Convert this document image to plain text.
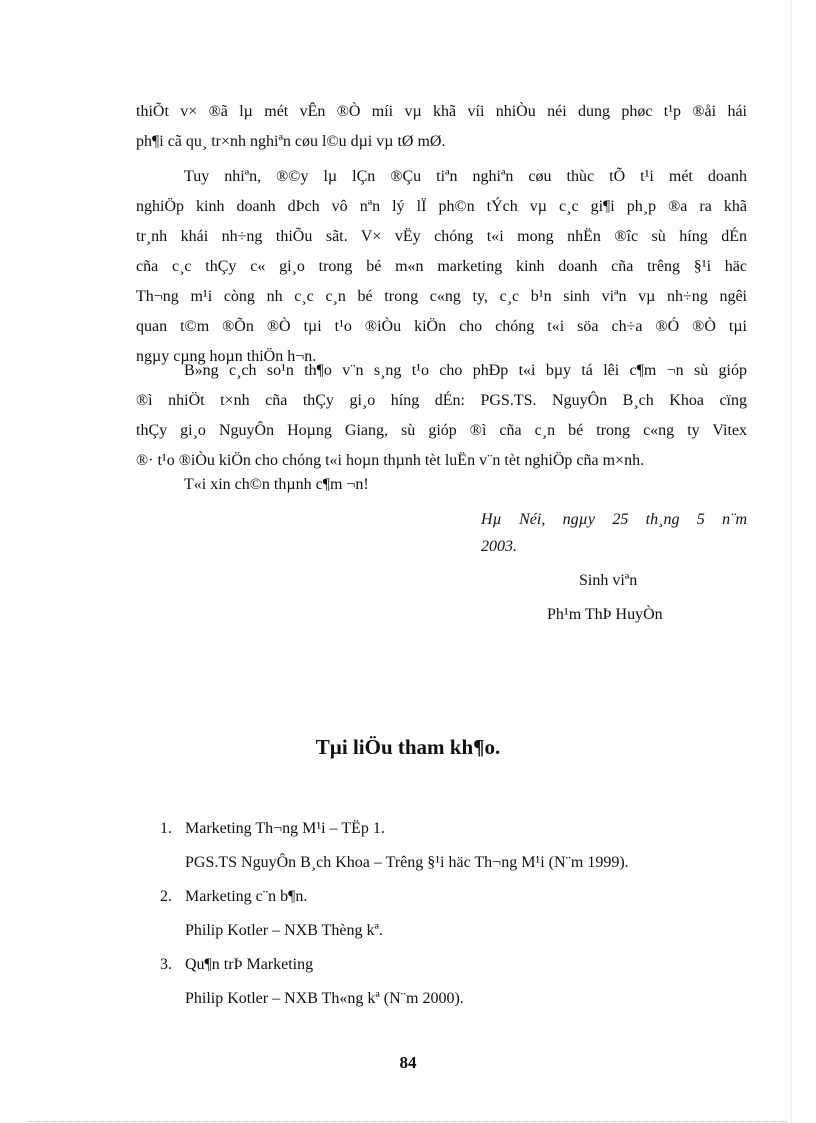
thiÕt v× ®ã lµ mét vÊn ®Ò míi vµ khã víi nhiÒu néi dung phøc t¹p ®åi hái
ph¶i cã qu¸ tr×nh nghiªn cøu l©u dµi vµ tØ mØ.
Tuy nhiªn, ®©y lµ lÇn ®Çu tiªn nghiªn cøu thùc tÕ t¹i mét doanh
nghiÖp kinh doanh dÞch vô nªn lý lÏ ph©n tÝch vµ c¸c gi¶i ph¸p ®a ra khã
tr¸nh khái nh÷ng thiÕu sãt. V× vËy chóng t«i mong nhËn ®îc sù híng dÉn
cña c¸c thÇy c« gi¸o trong bé m«n marketing kinh doanh cña trêng §¹i häc
Th¬ng m¹i còng nh c¸c c¸n bé trong c«ng ty, c¸c b¹n sinh viªn vµ nh÷ng ngêi
quan t©m ®Õn ®Ò tµi t¹o ®iÒu kiÖn cho chóng t«i söa ch÷a ®Ó ®Ò tµi
ngµy cµng hoµn thiÖn h¬n.
B»ng c¸ch so¹n th¶o v¨n s¸ng t¹o cho phÐp t«i bµy tá lêi c¶m ¬n sù gióp
®ì nhiÖt t×nh cña thÇy gi¸o híng dÉn: PGS.TS. NguyÔn B¸ch Khoa cïng
thÇy gi¸o NguyÔn Hoµng Giang, sù gióp ®ì cña c¸n bé trong c«ng ty Vitex
®· t¹o ®iÒu kiÖn cho chóng t«i hoµn thµnh tèt luËn v¨n tèt nghiÖp cña m×nh.
T«i xin ch©n thµnh c¶m ¬n!
Hµ Néi, ngµy 25 th¸ng 5 n¨m
2003.
Sinh viªn
Ph¹m ThÞ HuyÒn
Tµi liÖu tham kh¶o.
1. Marketing Th¬ng M¹i – TËp 1.
PGS.TS NguyÔn B¸ch Khoa – Trêng §¹i häc Th¬ng M¹i (N¨m 1999).
2. Marketing c¨n b¶n.
Philip Kotler – NXB Thèng kª.
3. Qu¶n trÞ Marketing
Philip Kotler – NXB Th«ng kª (N¨m 2000).
84
